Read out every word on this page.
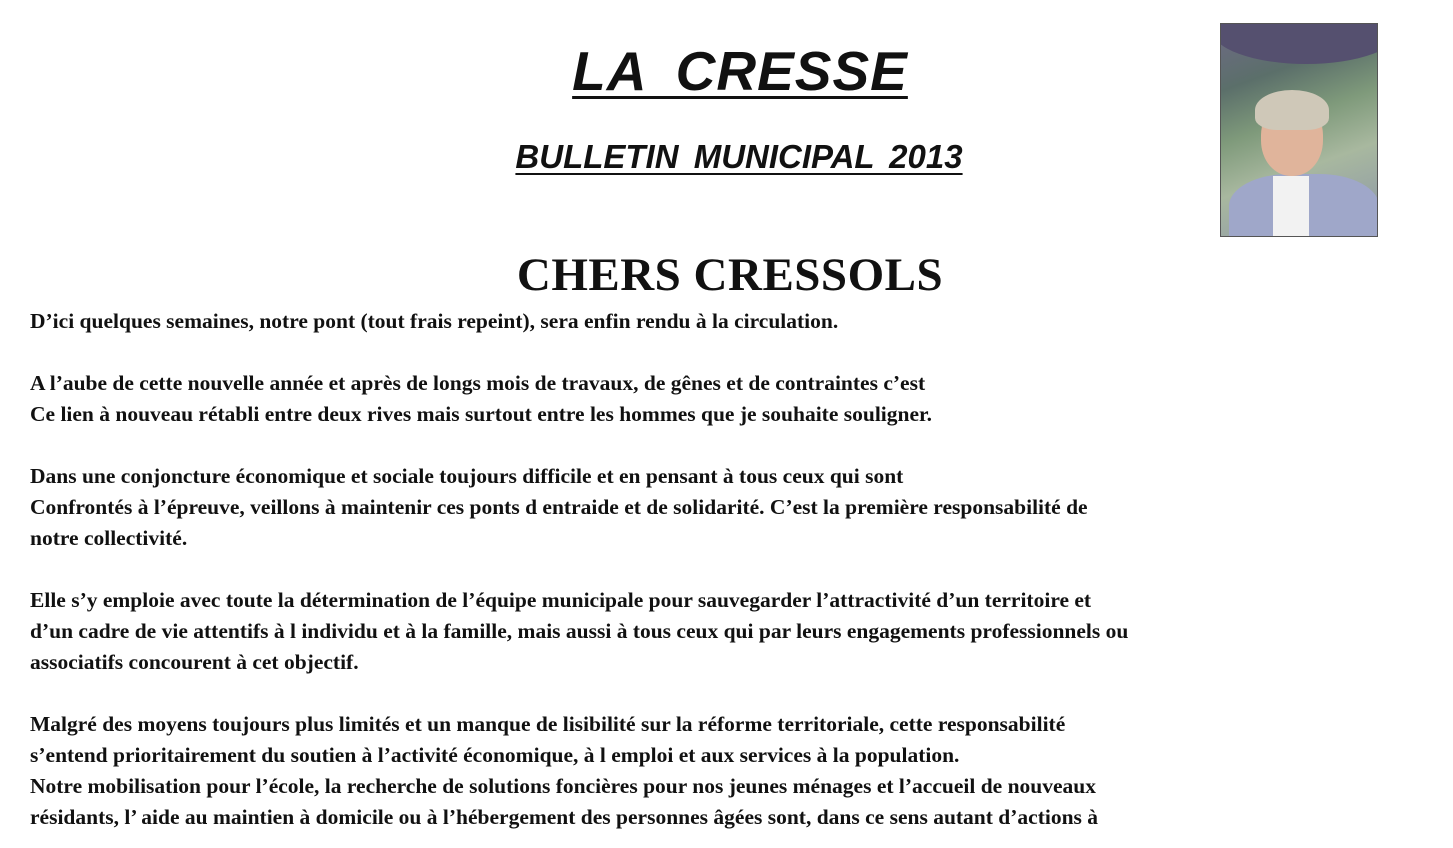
LA CRESSE
BULLETIN MUNICIPAL 2013
CHERS CRESSOLS

D’ici quelques semaines, notre pont (tout frais repeint), sera enfin rendu à la circulation.

A l’aube de cette nouvelle année et après de longs mois de travaux, de gênes et de contraintes c’est

Ce lien à nouveau rétabli entre deux rives mais surtout entre les hommes que je souhaite souligner.

Dans une conjoncture économique et sociale toujours difficile et en pensant à tous ceux qui sont

Confrontés à l’épreuve, veillons à maintenir ces ponts d entraide et de solidarité. C’est la première responsabilité de

notre collectivité.

Elle s’y emploie avec toute la détermination de l’équipe municipale pour sauvegarder l’attractivité d’un territoire et

d’un cadre de vie attentifs à l individu et à la famille, mais aussi à tous ceux qui par leurs engagements professionnels ou

associatifs concourent à cet objectif.

Malgré des moyens toujours plus limités et un manque de lisibilité sur la réforme territoriale, cette responsabilité

s’entend prioritairement du soutien à l’activité économique, à l emploi et aux services à la population.

Notre mobilisation pour l’école, la recherche de solutions foncières pour nos jeunes ménages et l’accueil de nouveaux

résidants, l’ aide au maintien à domicile ou à l’hébergement des personnes âgées sont, dans ce sens autant d’actions à
